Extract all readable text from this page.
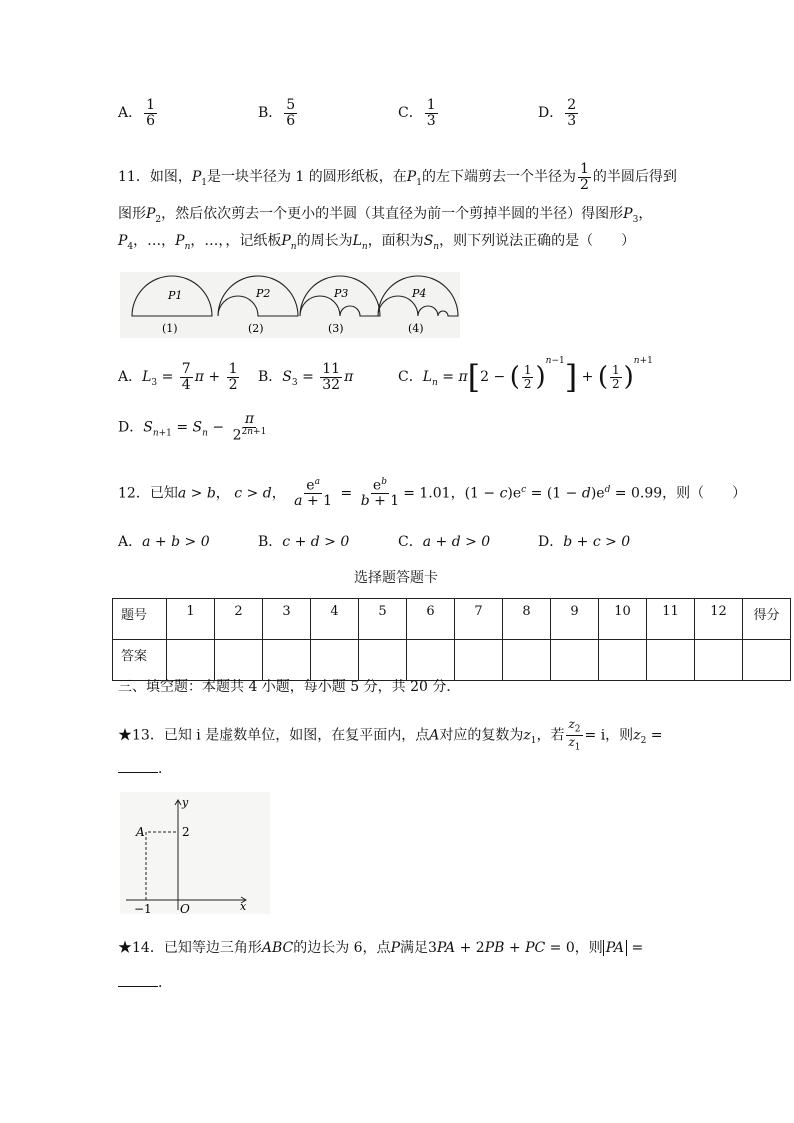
A． $\frac{1}{6}$	B． $\frac{5}{6}$	C． $\frac{1}{3}$	D． $\frac{2}{3}$
11．如图，$P_1$是一块半径为 1 的圆形纸板，在$P_1$的左下端剪去一个半径为 $\frac{1}{2}$ 的半圆后得到
图形$P_2$，然后依次剪去一个更小的半圆（其直径为前一个剪掉半圆的半径）得图形$P_3$，
$P_4$，…，$P_n$，…，，记纸板$P_n$的周长为$L_n$，面积为$S_n$，则下列说法正确的是（　　）
P1	P2	P3	P4
(1)	(2)	(3)	(4)
A．$L_3 = \frac{7}{4}$ $\pi + \frac{1}{2}$ B．$S_3 = \frac{11}{32}$ π	C．$L_n = \pi[2$ − ( $\frac{1}{2} )^{n-1}$] + ( $\frac{1}{2} )^{n+1}$
D．$S_{n+1} = S_n - \frac{\pi}{2^{2n+1}}$
12．已知a > b， c > d， $\frac{e^a}{a + 1} = \frac{e^b}{b + 1} = 1.01$，$(1 - c)e^c = (1 - d)e^d = 0.99$，则（　　）
A．a + b > 0	B．c + d > 0	C．a + d > 0	D．b + c > 0
选择题答题卡
题号	1	2	3	4	5	6	7	8	9	10	11	12	得分
答案													
三、填空题：本题共 4 小题，每小题 5 分，共 20 分．
★13．已知 i 是虚数单位，如图，在复平面内，点A对应的复数为$z_1$，若 $\frac{z_2}{z_1} = i$，则$z_2$ =
．
y
x
A	2
−1 O
★14．已知等边三角形ABC的边长为 6，点P满足3PA + 2PB + PC = 0，则 PA =
．
